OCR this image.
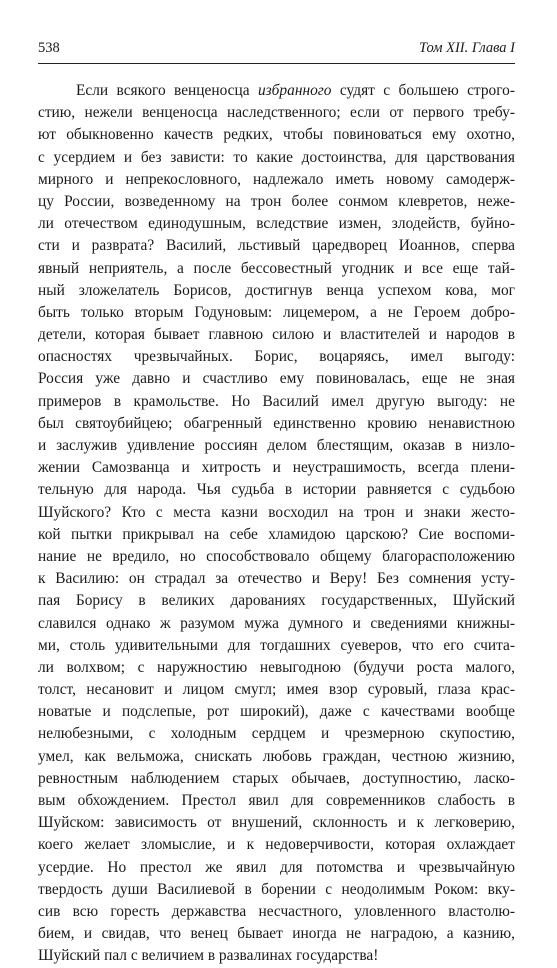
538	Том XII. Глава I
Если всякого венценосца избранного судят с большею строго-
стию, нежели венценосца наследственного; если от первого требу-
ют обыкновенно качеств редких, чтобы повиноваться ему охотно,
с усердием и без зависти: то какие достоинства, для царствования
мирного и непрекословного, надлежало иметь новому самодерж-
цу России, возведенному на трон более сонмом клевретов, неже-
ли отечеством единодушным, вследствие измен, злодейств, буйно-
сти и разврата? Василий, льстивый царедворец Иоаннов, сперва
явный неприятель, а после бессовестный угодник и все еще тай-
ный зложелатель Борисов, достигнув венца успехом кова, мог
быть только вторым Годуновым: лицемером, а не Героем добро-
детели, которая бывает главною силою и властителей и народов в
опасностях чрезвычайных. Борис, воцаряясь, имел выгоду:
Россия уже давно и счастливо ему повиновалась, еще не зная
примеров в крамольстве. Но Василий имел другую выгоду: не
был святоубийцею; обагренный единственно кровию ненавистною
и заслужив удивление россиян делом блестящим, оказав в низло-
жении Самозванца и хитрость и неустрашимость, всегда плени-
тельную для народа. Чья судьба в истории равняется с судьбою
Шуйского? Кто с места казни восходил на трон и знаки жесто-
кой пытки прикрывал на себе хламидою царскою? Сие воспоми-
нание не вредило, но способствовало общему благорасположению
к Василию: он страдал за отечество и Веру! Без сомнения усту-
пая Борису в великих дарованиях государственных, Шуйский
славился однако ж разумом мужа думного и сведениями книжны-
ми, столь удивительными для тогдашних суеверов, что его счита-
ли волхвом; с наружностию невыгодною (будучи роста малого,
толст, несановит и лицом смугл; имея взор суровый, глаза крас-
новатые и подслепые, рот широкий), даже с качествами вообще
нелюбезными, с холодным сердцем и чрезмерною скупостию,
умел, как вельможа, снискать любовь граждан, честною жизнию,
ревностным наблюдением старых обычаев, доступностию, ласко-
вым обхождением. Престол явил для современников слабость в
Шуйском: зависимость от внушений, склонность и к легковерию,
коего желает зломыслие, и к недоверчивости, которая охлаждает
усердие. Но престол же явил для потомства и чрезвычайную
твердость души Василиевой в борении с неодолимым Роком: вку-
сив всю горесть державства несчастного, уловленного властолю-
бием, и свидав, что венец бывает иногда не наградою, а казнию,
Шуйский пал с величием в развалинах государства!
